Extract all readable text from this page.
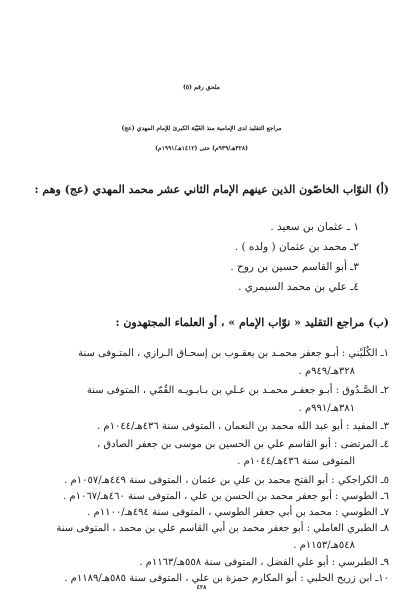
ملحق رقم (٥)

مراجع التقليد لدى الإمامية منذ الغَيْبَة الكبرىٰ للإمام المهدي (عج)

(٣٢٨هـ/٩٣٩م) حتى (١٤١٢هـ/١٩٩١م)

(أ) النوّاب الخاصّون الذين عينهم الإمام الثاني عشر محمد المهدي (عج) وهم :

١ ـ عثمان بن سعيد .

٢ـ محمد بن عثمان ( ولده ) .

٣ـ أبو القاسم حسين بن روح .

٤ـ علي بن محمد السيمري .

(ب) مراجع التقليد « نوّاب الإمام » ، أو العلماء المجتهدون :

١ـ الكُلَيْني : أبـو جعفر محمـد بن يعقـوب بن إسحـاق الـرازي ، المتـوفى سنة

٣٢٨هـ/٩٤٩م .

٢ـ الصَّـدُوق : أبـو جعفـر محمـد بن عـلي بن بـابـويـه القُمّي ، المتوفى سنة

٣٨١هـ/٩٩١م .

٣ـ المفيد : أبو عبد الله محمد بن النعمان ، المتوفى سنة ٤٣٦هـ/١٠٤٤م .

٤ـ المرتضى : أبو القاسم علي بن الحسين بن موسى بن جعفر الصادق ،

المتوفى سنة ٤٣٦هـ/١٠٤٤م .

٥ـ الكراجكي : أبو الفتح محمد بن علي بن عثمان ، المتوفى سنة ٤٤٩هـ/١٠٥٧م .

٦ـ الطوسي : أبو جعفر محمد بن الحسن بن علي ، المتوفى سنة ٤٦٠هـ/١٠٦٧م .

٧ـ الطوسي : محمد بن أبي جعفر الطوسي ، المتوفى سنة ٤٩٤هـ/١١٠٠م .

٨ـ الطبري العاملي : أبو جعفر محمد بن أبي القاسم علي بن محمد ، المتوفى سنة

٥٤٨هـ/١١٥٣م .

٩ـ الطبرسي : أبو علي الفضل ، المتوفى سنة ٥٥٨هـ/١١٦٣م .

١٠ـ ابن زريح الحلبي : أبو المكارم حمزة بن علي ، المتوفى سنة ٥٨٥هـ/١١٨٩م .

٤٢٨
